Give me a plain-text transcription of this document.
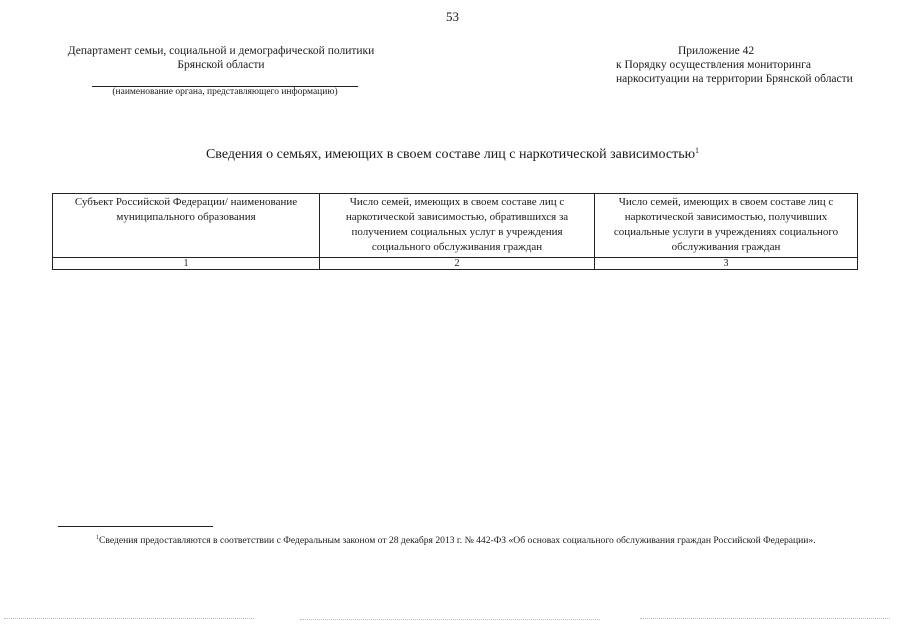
53
Департамент семьи, социальной и демографической политики Брянской области
(наименование органа, представляющего информацию)
Приложение 42
к Порядку осуществления мониторинга наркоситуации на территории Брянской области
Сведения о семьях, имеющих в своем составе лиц с наркотической зависимостью$^1$
Субъект Российской Федерации/ наименование муниципального образования	Число семей, имеющих в своем составе лиц с наркотической зависимостью, обратившихся за получением социальных услуг в учреждения социального обслуживания граждан	Число семей, имеющих в своем составе лиц с наркотической зависимостью, получивших социальные услуги в учреждениях социального обслуживания граждан
1	2	3
$^1$Сведения предоставляются в соответствии с Федеральным законом от 28 декабря 2013 г. № 442-ФЗ «Об основах социального обслуживания граждан Российской Федерации».
